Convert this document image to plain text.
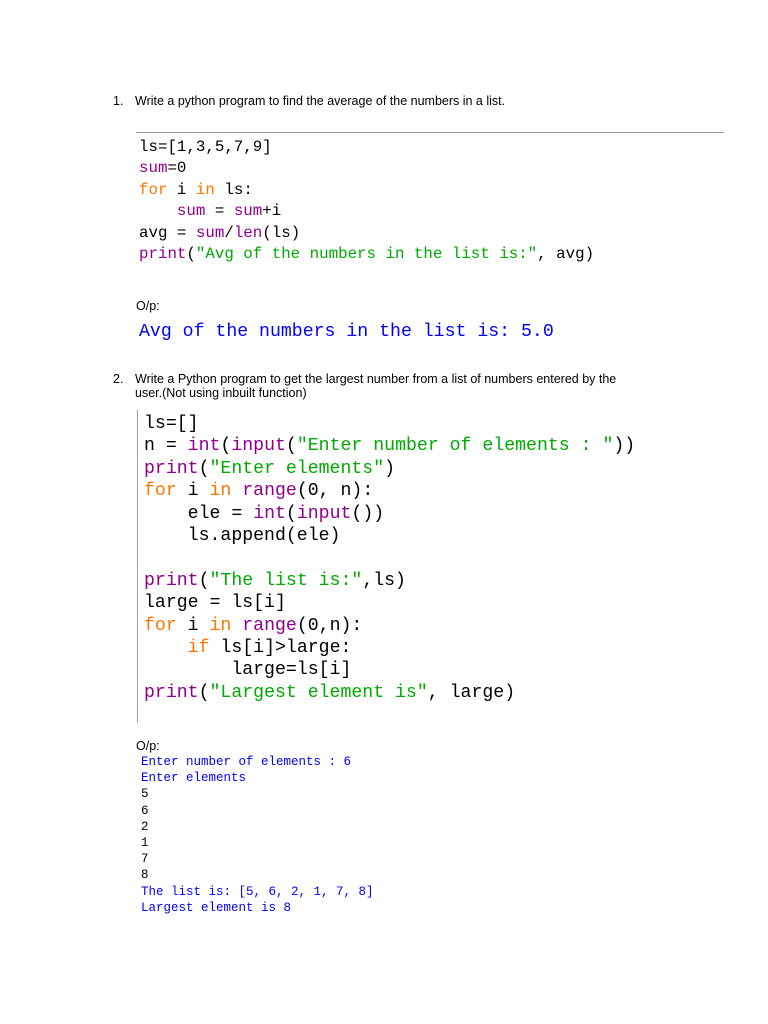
1. Write a python program to find the average of the numbers in a list.
ls=[1,3,5,7,9]
sum=0
for i in ls:
sum = sum+i
avg = sum/len(ls)
print("Avg of the numbers in the list is:", avg)
O/p:
Avg of the numbers in the list is: 5.0
2. Write a Python program to get the largest number from a list of numbers entered by the
user.(Not using inbuilt function)
ls=[]
n = int(input("Enter number of elements : "))
print("Enter elements")
for i in range(0, n):
ele = int(input())
ls.append(ele)

print("The list is:",ls)
large = ls[i]
for i in range(0,n):
if ls[i]>large:
large=ls[i]
print("Largest element is", large)
O/p:
Enter number of elements : 6
Enter elements
5
6
2
1
7
8
The list is: [5, 6, 2, 1, 7, 8]
Largest element is 8
